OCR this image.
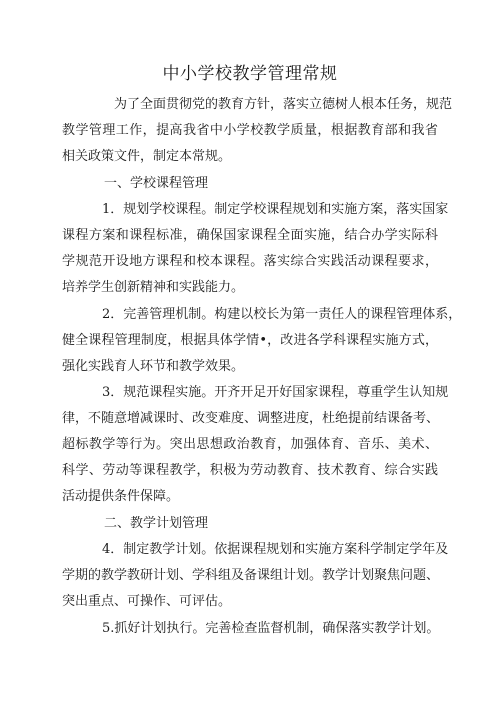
中小学校教学管理常规
为了全面贯彻党的教育方针，落实立德树人根本任务，规范
教学管理工作，提高我省中小学校教学质量，根据教育部和我省
相关政策文件，制定本常规。
一、学校课程管理
1．规划学校课程。制定学校课程规划和实施方案，落实国家
课程方案和课程标准，确保国家课程全面实施，结合办学实际科
学规范开设地方课程和校本课程。落实综合实践活动课程要求，
培养学生创新精神和实践能力。
2．完善管理机制。构建以校长为第一责任人的课程管理体系，
健全课程管理制度，根据具体学情•，改进各学科课程实施方式，
强化实践育人环节和教学效果。
3．规范课程实施。开齐开足开好国家课程，尊重学生认知规
律，不随意增减课时、改变难度、调整进度，杜绝提前结课备考、
超标教学等行为。突出思想政治教育，加强体育、音乐、美术、
科学、劳动等课程教学，积极为劳动教育、技术教育、综合实践
活动提供条件保障。
二、教学计划管理
4．制定教学计划。依据课程规划和实施方案科学制定学年及
学期的教学教研计划、学科组及备课组计划。教学计划聚焦问题、
突出重点、可操作、可评估。
5.抓好计划执行。完善检查监督机制，确保落实教学计划。
